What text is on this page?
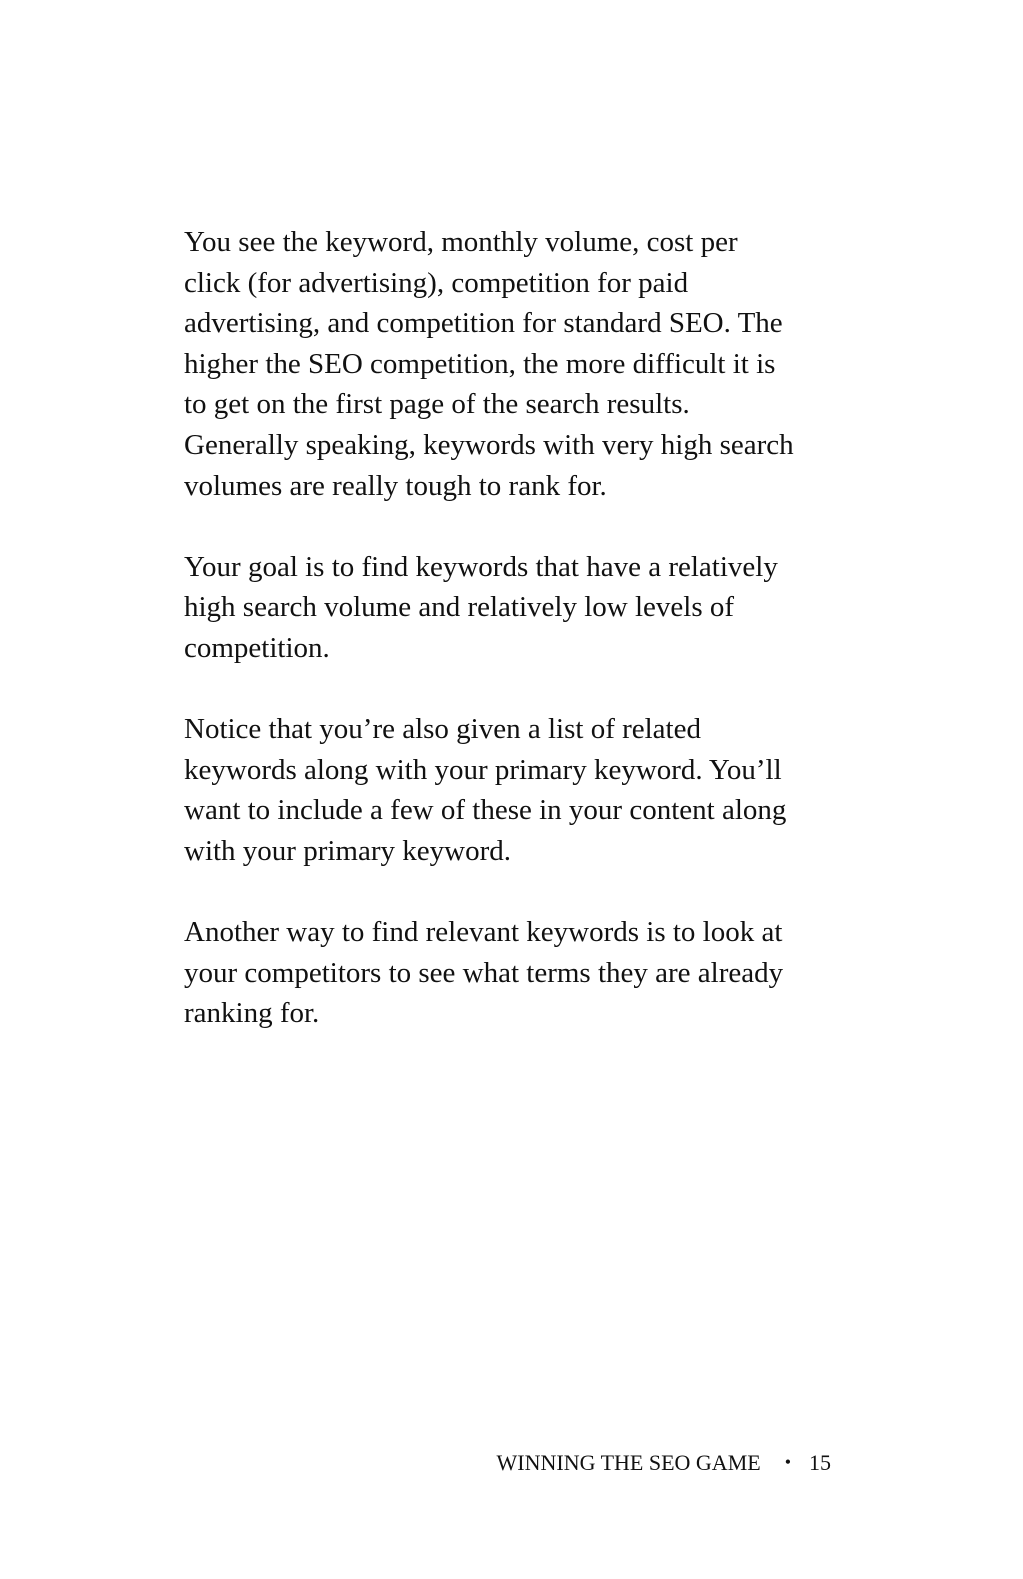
You see the keyword, monthly volume, cost per
click (for advertising), competition for paid
advertising, and competition for standard SEO. The
higher the SEO competition, the more difficult it is
to get on the first page of the search results.
Generally speaking, keywords with very high search
volumes are really tough to rank for.

Your goal is to find keywords that have a relatively
high search volume and relatively low levels of
competition.

Notice that you’re also given a list of related
keywords along with your primary keyword. You’ll
want to include a few of these in your content along
with your primary keyword.

Another way to find relevant keywords is to look at
your competitors to see what terms they are already
ranking for.

WINNING THE SEO GAME • 15
